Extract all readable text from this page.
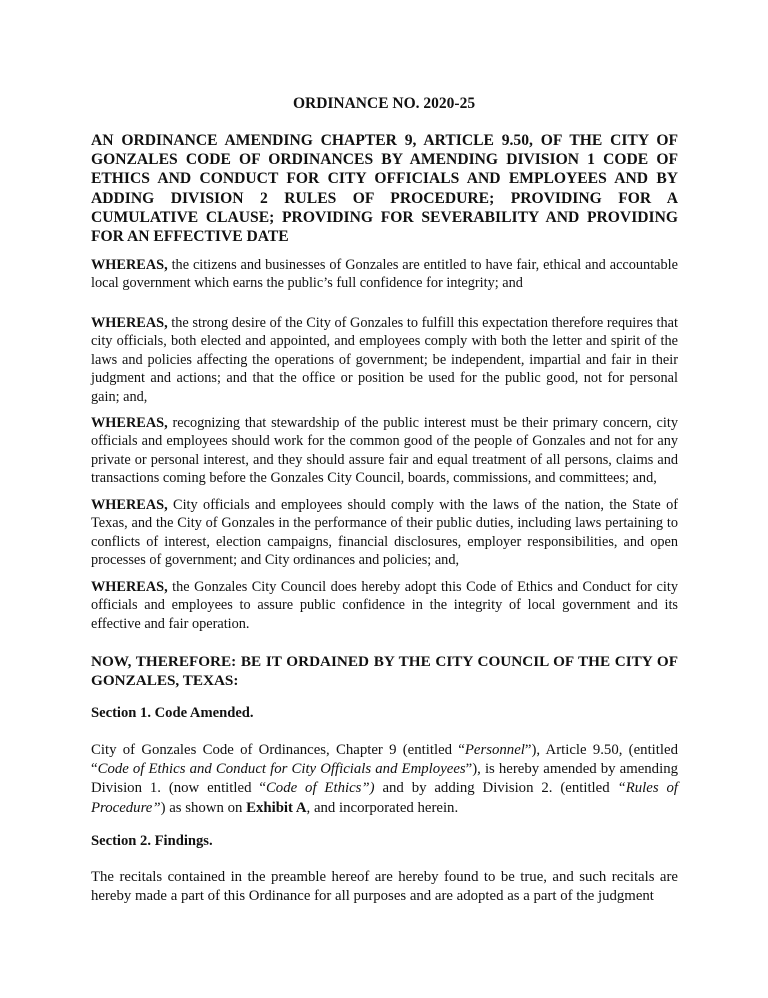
ORDINANCE NO. 2020-25
AN ORDINANCE AMENDING CHAPTER 9, ARTICLE 9.50, OF THE CITY OF GONZALES CODE OF ORDINANCES BY AMENDING DIVISION 1 CODE OF ETHICS AND CONDUCT FOR CITY OFFICIALS AND EMPLOYEES AND BY ADDING DIVISION 2 RULES OF PROCEDURE; PROVIDING FOR A CUMULATIVE CLAUSE; PROVIDING FOR SEVERABILITY AND PROVIDING FOR AN EFFECTIVE DATE

WHEREAS, the citizens and businesses of Gonzales are entitled to have fair, ethical and accountable local government which earns the public’s full confidence for integrity; and

WHEREAS, the strong desire of the City of Gonzales to fulfill this expectation therefore requires that city officials, both elected and appointed, and employees comply with both the letter and spirit of the laws and policies affecting the operations of government; be independent, impartial and fair in their judgment and actions; and that the office or position be used for the public good, not for personal gain; and,

WHEREAS, recognizing that stewardship of the public interest must be their primary concern, city officials and employees should work for the common good of the people of Gonzales and not for any private or personal interest, and they should assure fair and equal treatment of all persons, claims and transactions coming before the Gonzales City Council, boards, commissions, and committees; and,

WHEREAS, City officials and employees should comply with the laws of the nation, the State of Texas, and the City of Gonzales in the performance of their public duties, including laws pertaining to conflicts of interest, election campaigns, financial disclosures, employer responsibilities, and open processes of government; and City ordinances and policies; and,

WHEREAS, the Gonzales City Council does hereby adopt this Code of Ethics and Conduct for city officials and employees to assure public confidence in the integrity of local government and its effective and fair operation.

NOW, THEREFORE: BE IT ORDAINED BY THE CITY COUNCIL OF THE CITY OF GONZALES, TEXAS:
Section 1. Code Amended.

City of Gonzales Code of Ordinances, Chapter 9 (entitled “Personnel”), Article 9.50, (entitled “Code of Ethics and Conduct for City Officials and Employees”), is hereby amended by amending Division 1. (now entitled “Code of Ethics”) and by adding Division 2. (entitled “Rules of Procedure”) as shown on Exhibit A, and incorporated herein.

Section 2. Findings.

The recitals contained in the preamble hereof are hereby found to be true, and such recitals are hereby made a part of this Ordinance for all purposes and are adopted as a part of the judgment
